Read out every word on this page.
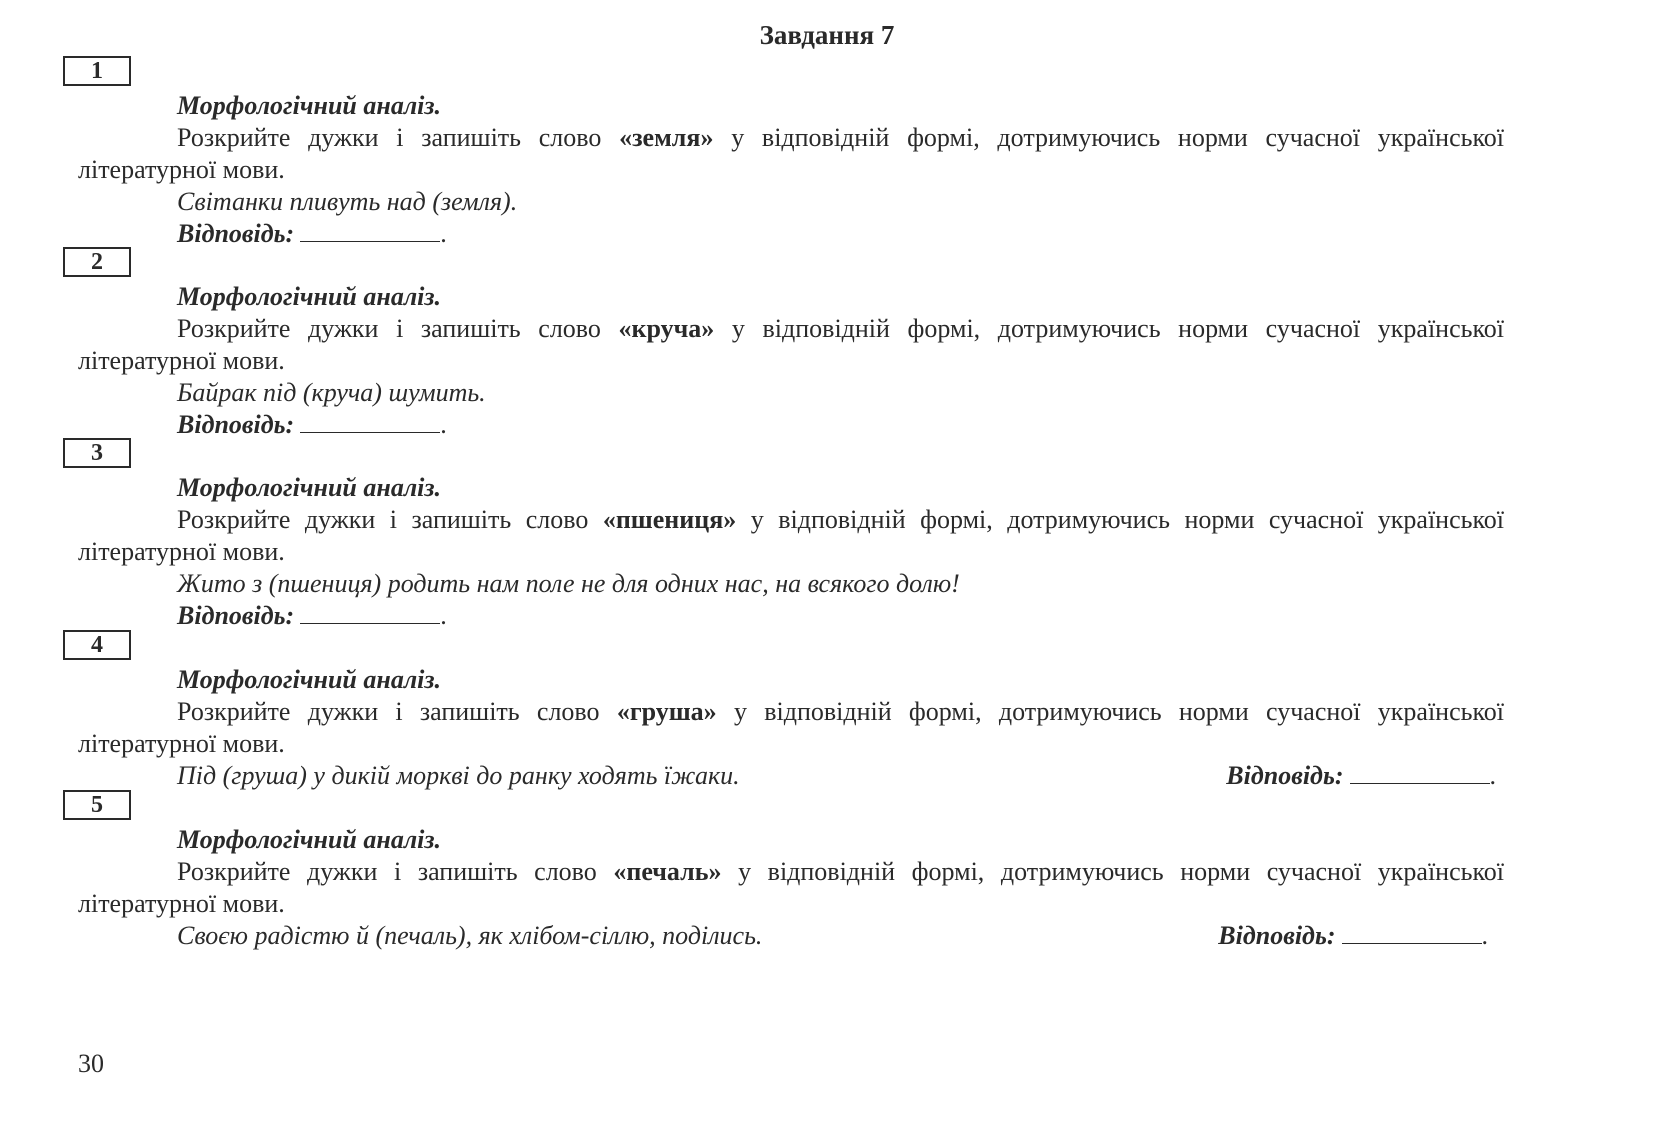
Завдання 7
1
Морфологічний аналіз.
Розкрийте дужки і запишіть слово «земля» у відповідній формі, дотримуючись норми сучасної української літературної мови.
Світанки пливуть над (земля).
Відповідь:	.
2
Морфологічний аналіз.
Розкрийте дужки і запишіть слово «круча» у відповідній формі, дотримуючись норми сучасної української літературної мови.
Байрак під (круча) шумить.
Відповідь:	.
3
Морфологічний аналіз.
Розкрийте дужки і запишіть слово «пшениця» у відповідній формі, дотримуючись норми сучасної української літературної мови.
Жито з (пшениця) родить нам поле не для одних нас, на всякого долю!
Відповідь:	.
4
Морфологічний аналіз.
Розкрийте дужки і запишіть слово «груша» у відповідній формі, дотримуючись норми сучасної української літературної мови.
Під (груша) у дикій моркві до ранку ходять їжаки.	Відповідь:	.
5
Морфологічний аналіз.
Розкрийте дужки і запишіть слово «печаль» у відповідній формі, дотримуючись норми сучасної української літературної мови.
Своєю радістю й (печаль), як хлібом-сіллю, поділись.	Відповідь:	.
30
